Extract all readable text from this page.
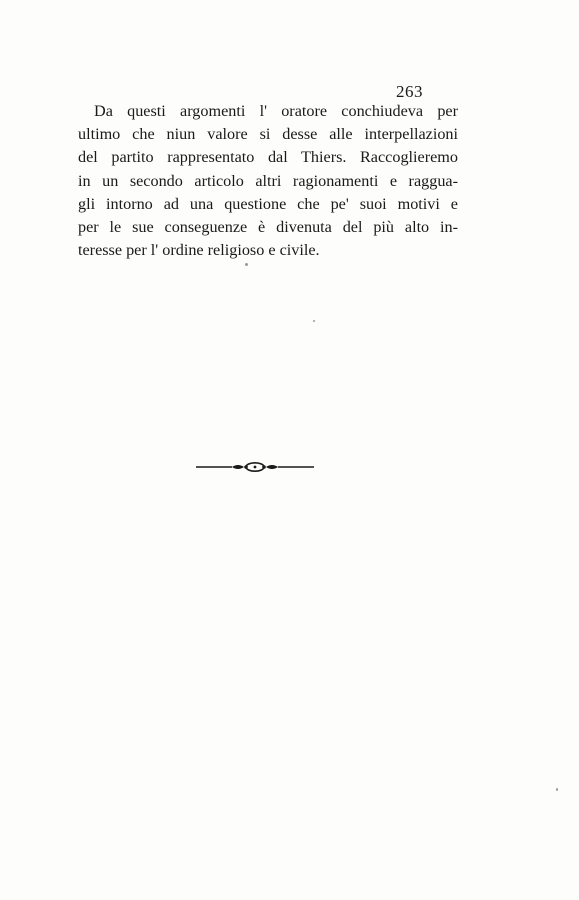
263
Da questi argomenti l' oratore conchiudeva per
ultimo che niun valore si desse alle interpellazioni
del partito rappresentato dal Thiers. Raccoglieremo
in un secondo articolo altri ragionamenti e raggua-
gli intorno ad una questione che pe' suoi motivi e
per le sue conseguenze è divenuta del più alto in-
teresse per l' ordine religioso e civile.
